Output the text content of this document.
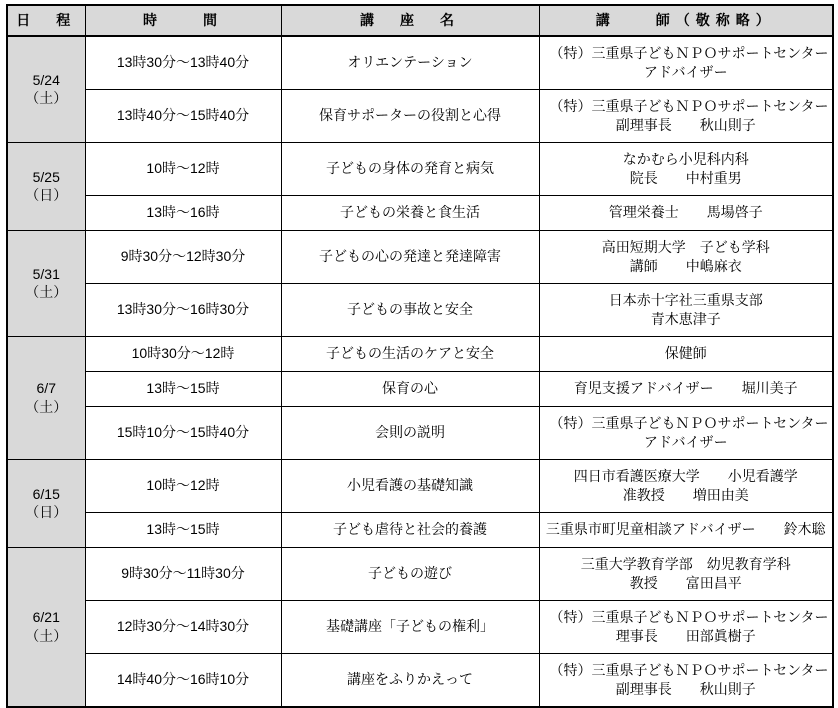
日　程	時　　間	講　座　名	講　　師（敬称略）

5/24
（土）	13時30分～13時40分	オリエンテーション	（特）三重県子どもＮＰＯサポートセンター
アドバイザー

	13時40分～15時40分	保育サポーターの役割と心得	（特）三重県子どもＮＰＯサポートセンター
副理事長　　秋山則子

5/25
（日）	10時～12時	子どもの身体の発育と病気	なかむら小児科内科
院長　　中村重男

	13時～16時	子どもの栄養と食生活	管理栄養士　　馬場啓子

5/31
（土）	9時30分～12時30分	子どもの心の発達と発達障害	高田短期大学　子ども学科
講師　　中嶋麻衣

	13時30分～16時30分	子どもの事故と安全	日本赤十字社三重県支部
青木恵津子

6/7
（土）	10時30分～12時	子どもの生活のケアと安全	保健師

	13時～15時	保育の心	育児支援アドバイザー　　堀川美子

	15時10分～15時40分	会則の説明	（特）三重県子どもＮＰＯサポートセンター
アドバイザー

6/15
（日）	10時～12時	小児看護の基礎知識	四日市看護医療大学　　小児看護学
准教授　　増田由美

	13時～15時	子ども虐待と社会的養護	三重県市町児童相談アドバイザー　　鈴木聡

6/21
（土）	9時30分～11時30分	子どもの遊び	三重大学教育学部　幼児教育学科
教授　　富田昌平

	12時30分～14時30分	基礎講座「子どもの権利」	（特）三重県子どもＮＰＯサポートセンター
理事長　　田部眞樹子

	14時40分～16時10分	講座をふりかえって	（特）三重県子どもＮＰＯサポートセンター
副理事長　　秋山則子
